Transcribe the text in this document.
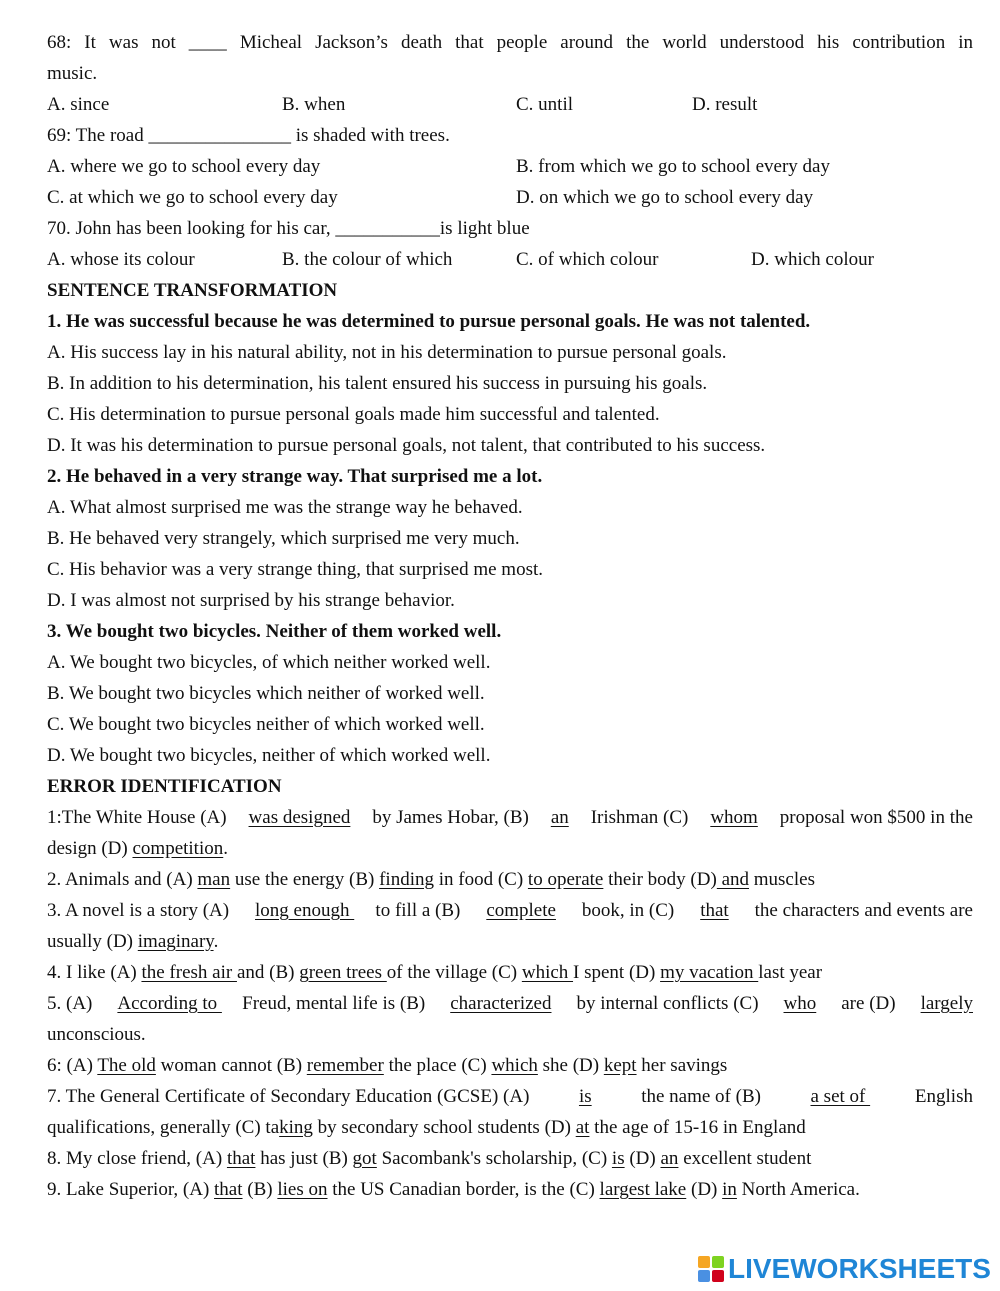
68: It was not ____ Micheal Jackson’s death that people around the world understood his contribution in
music.
A. since	B. when	C. until	D. result
69: The road _______________ is shaded with trees.
A. where we go to school every day	B. from which we go to school every day
C. at which we go to school every day	D. on which we go to school every day
70. John has been looking for his car, ___________is light blue
A. whose its colour	B. the colour of which	C. of which colour	D. which colour
SENTENCE TRANSFORMATION
1. He was successful because he was determined to pursue personal goals. He was not talented.
A. His success lay in his natural ability, not in his determination to pursue personal goals.
B. In addition to his determination, his talent ensured his success in pursuing his goals.
C. His determination to pursue personal goals made him successful and talented.
D. It was his determination to pursue personal goals, not talent, that contributed to his success.
2. He behaved in a very strange way. That surprised me a lot.
A. What almost surprised me was the strange way he behaved.
B. He behaved very strangely, which surprised me very much.
C. His behavior was a very strange thing, that surprised me most.
D. I was almost not surprised by his strange behavior.
3. We bought two bicycles. Neither of them worked well.
A. We bought two bicycles, of which neither worked well.
B. We bought two bicycles which neither of worked well.
C. We bought two bicycles neither of which worked well.
D. We bought two bicycles, neither of which worked well.
ERROR IDENTIFICATION
1:The White House (A) was designed by James Hobar, (B) an Irishman (C) whom proposal won $500 in the
design (D) competition.
2. Animals and (A) man use the energy (B) finding in food (C) to operate their body (D) and muscles
3. A novel is a story (A) long enough to fill a (B) complete book, in (C) that the characters and events are
usually (D) imaginary.
4. I like (A) the fresh air and (B) green trees of the village (C) which I spent (D) my vacation last year
5. (A) According to Freud, mental life is (B) characterized by internal conflicts (C) who are (D) largely
unconscious.
6: (A) The old woman cannot (B) remember the place (C) which she (D) kept her savings
7. The General Certificate of Secondary Education (GCSE) (A) is the name of (B) a set of English
qualifications, generally (C) taking by secondary school students (D) at the age of 15-16 in England
8. My close friend, (A) that has just (B) got Sacombank's scholarship, (C) is (D) an excellent student
9. Lake Superior, (A) that (B) lies on the US Canadian border, is the (C) largest lake (D) in North America.
LIVEWORKSHEETS
